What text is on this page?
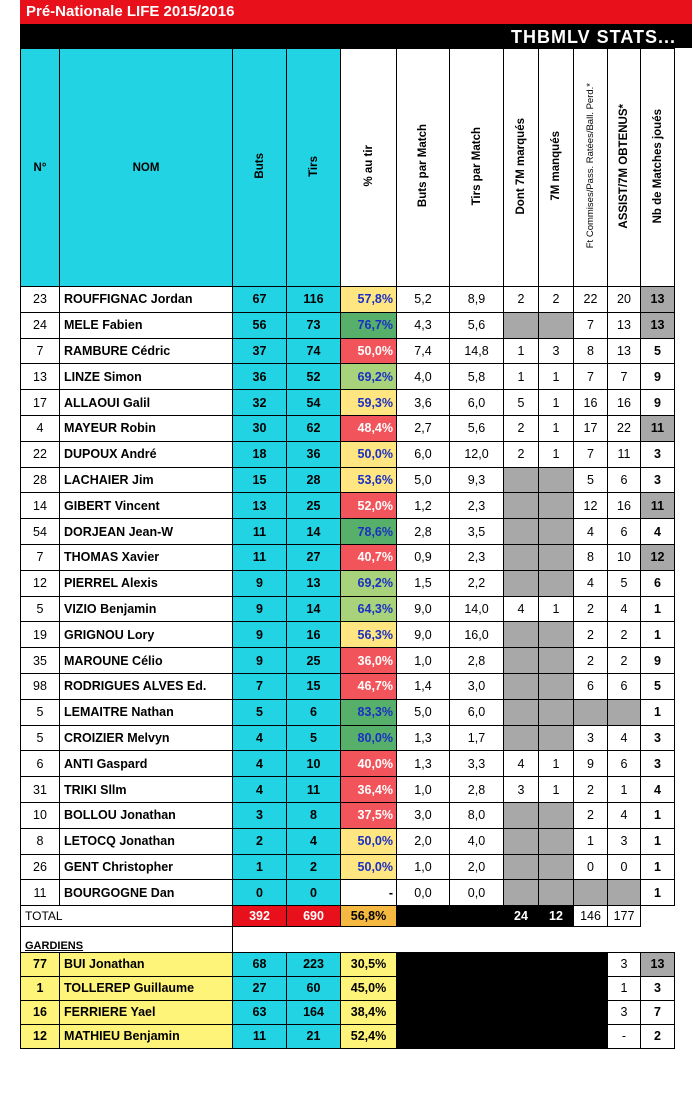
Pré-Nationale LIFE 2015/2016
THBMLV STATS...
N°	NOM	Buts	Tirs	% au tir	Buts par Match	Tirs par Match	Dont 7M marqués	7M manqués	Ft Commises/Pass. Ratées/Ball. Perd.*	ASSIST/7M OBTENUS*	Nb de Matches joués
23	ROUFFIGNAC Jordan	67	116	57,8%	5,2	8,9	2	2	22	20	13
24	MELE Fabien	56	73	76,7%	4,3	5,6			7	13	13
7	RAMBURE Cédric	37	74	50,0%	7,4	14,8	1	3	8	13	5
13	LINZE Simon	36	52	69,2%	4,0	5,8	1	1	7	7	9
17	ALLAOUI Galil	32	54	59,3%	3,6	6,0	5	1	16	16	9
4	MAYEUR Robin	30	62	48,4%	2,7	5,6	2	1	17	22	11
22	DUPOUX André	18	36	50,0%	6,0	12,0	2	1	7	11	3
28	LACHAIER Jim	15	28	53,6%	5,0	9,3			5	6	3
14	GIBERT Vincent	13	25	52,0%	1,2	2,3			12	16	11
54	DORJEAN Jean-W	11	14	78,6%	2,8	3,5			4	6	4
7	THOMAS Xavier	11	27	40,7%	0,9	2,3			8	10	12
12	PIERREL Alexis	9	13	69,2%	1,5	2,2			4	5	6
5	VIZIO Benjamin	9	14	64,3%	9,0	14,0	4	1	2	4	1
19	GRIGNOU Lory	9	16	56,3%	9,0	16,0			2	2	1
35	MAROUNE Célio	9	25	36,0%	1,0	2,8			2	2	9
98	RODRIGUES ALVES Ed.	7	15	46,7%	1,4	3,0			6	6	5
5	LEMAITRE Nathan	5	6	83,3%	5,0	6,0					1
5	CROIZIER Melvyn	4	5	80,0%	1,3	1,7			3	4	3
6	ANTI Gaspard	4	10	40,0%	1,3	3,3	4	1	9	6	3
31	TRIKI Sllm	4	11	36,4%	1,0	2,8	3	1	2	1	4
10	BOLLOU Jonathan	3	8	37,5%	3,0	8,0			2	4	1
8	LETOCQ Jonathan	2	4	50,0%	2,0	4,0			1	3	1
26	GENT Christopher	1	2	50,0%	1,0	2,0			0	0	1
11	BOURGOGNE Dan	0	0	-	0,0	0,0					1
TOTAL		392	690	56,8%			24	12	146	177	
GARDIENS											
77	BUI Jonathan	68	223	30,5%						3	13
1	TOLLEREP Guillaume	27	60	45,0%						1	3
16	FERRIERE Yael	63	164	38,4%						3	7
12	MATHIEU Benjamin	11	21	52,4%						-	2
